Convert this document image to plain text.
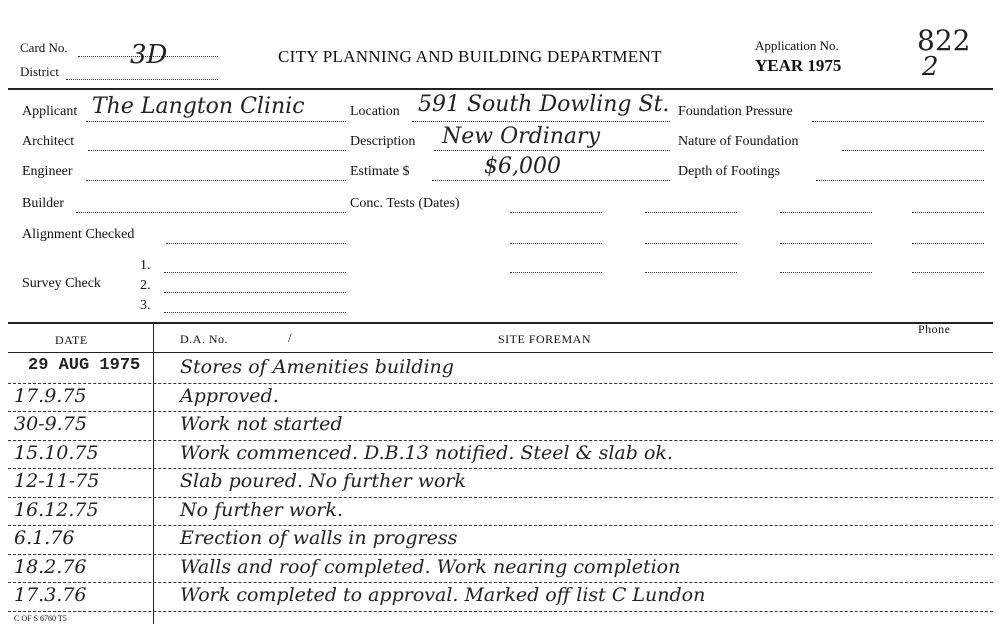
Card No. 3D
District
CITY PLANNING AND BUILDING DEPARTMENT
Application No.
YEAR 1975
822
2
Applicant The Langton Clinic	Location 591 South Dowling St. Foundation Pressure
Architect	Description New Ordinary	Nature of Foundation
Engineer	Estimate $	$6,000	Depth of Footings
Builder	Conc. Tests (Dates)
Alignment Checked
Survey Check
1.
2.
3.
DATE	D.A. No.	/	SITE FOREMAN
Phone
29 AUG 1975 Stores of Amenities building
17.9.75	Approved.
30-9.75	Work not started
15.10.75	Work commenced. D.B.13 notified. Steel & slab ok.
12-11-75	Slab poured. No further work
16.12.75	No further work.
6.1.76	Erection of walls in progress
18.2.76	Walls and roof completed. Work nearing completion
17.3.76	Work completed to approval. Marked off list C Lundon
C OF S 6760 T5
